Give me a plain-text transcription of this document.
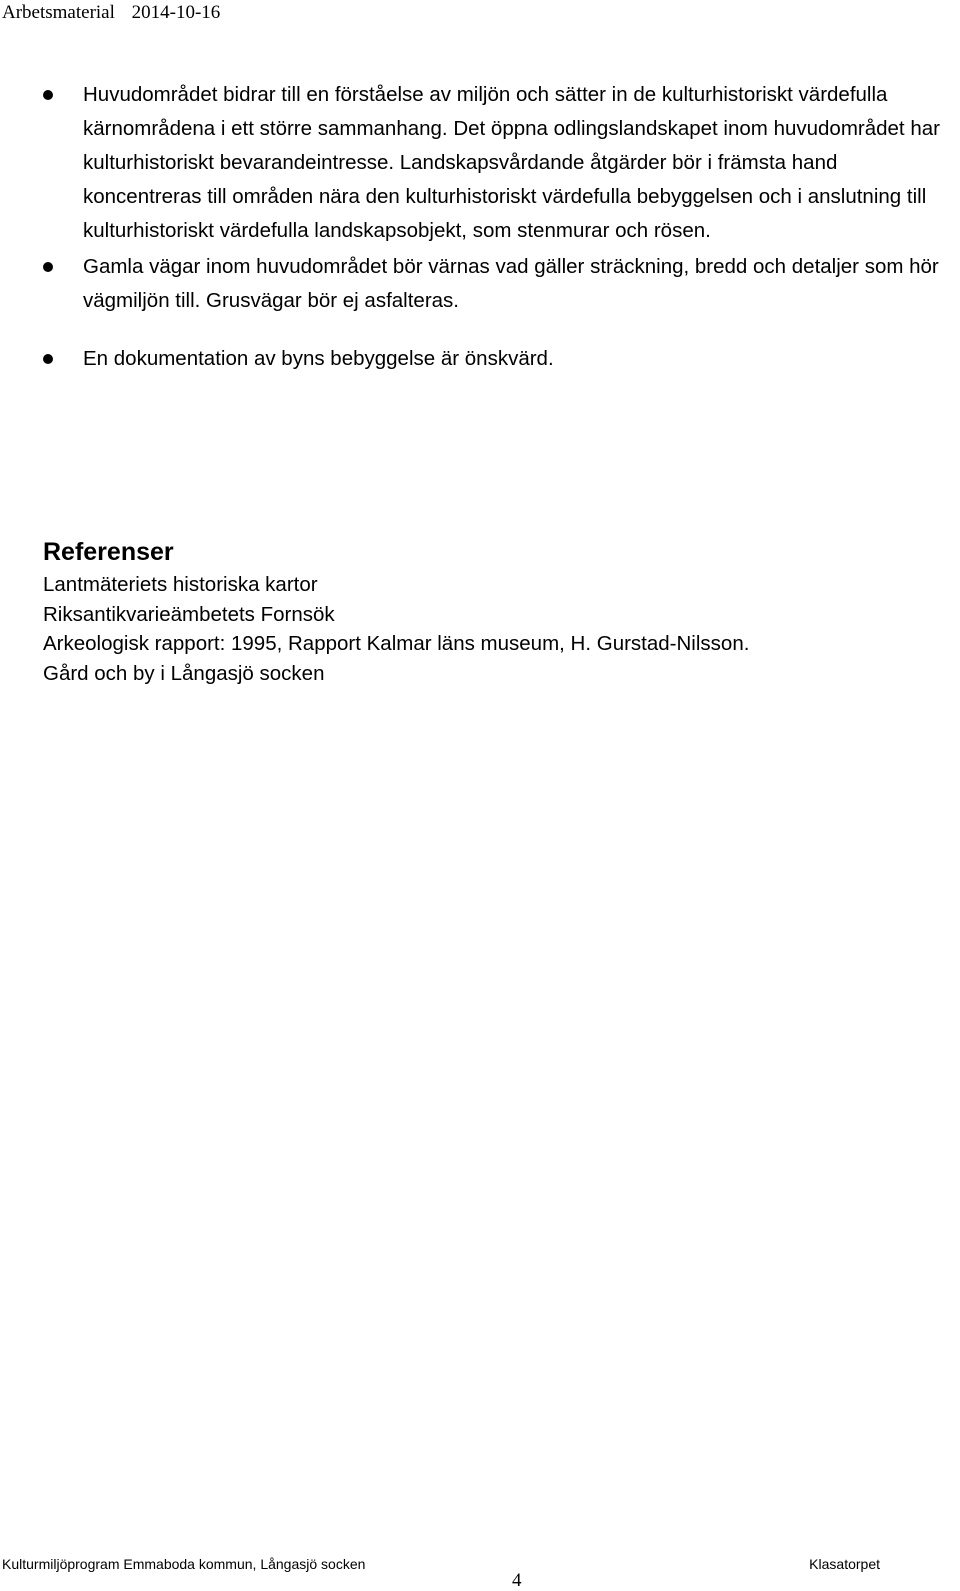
Arbetsmaterial 2014-10-16
Huvudområdet bidrar till en förståelse av miljön och sätter in de kulturhistoriskt värdefulla kärnområdena i ett större sammanhang. Det öppna odlingslandskapet inom huvudområdet har kulturhistoriskt bevarandeintresse. Landskapsvårdande åtgärder bör i främsta hand koncentreras till områden nära den kulturhistoriskt värdefulla bebyggelsen och i anslutning till kulturhistoriskt värdefulla landskapsobjekt, som stenmurar och rösen.
Gamla vägar inom huvudområdet bör värnas vad gäller sträckning, bredd och detaljer som hör vägmiljön till. Grusvägar bör ej asfalteras.
En dokumentation av byns bebyggelse är önskvärd.
Referenser
Lantmäteriets historiska kartor
Riksantikvarieämbetets Fornsök
Arkeologisk rapport: 1995, Rapport Kalmar läns museum, H. Gurstad-Nilsson.
Gård och by i Långasjö socken
Kulturmiljöprogram Emmaboda kommun, Långasjö socken
4
Klasatorpet
